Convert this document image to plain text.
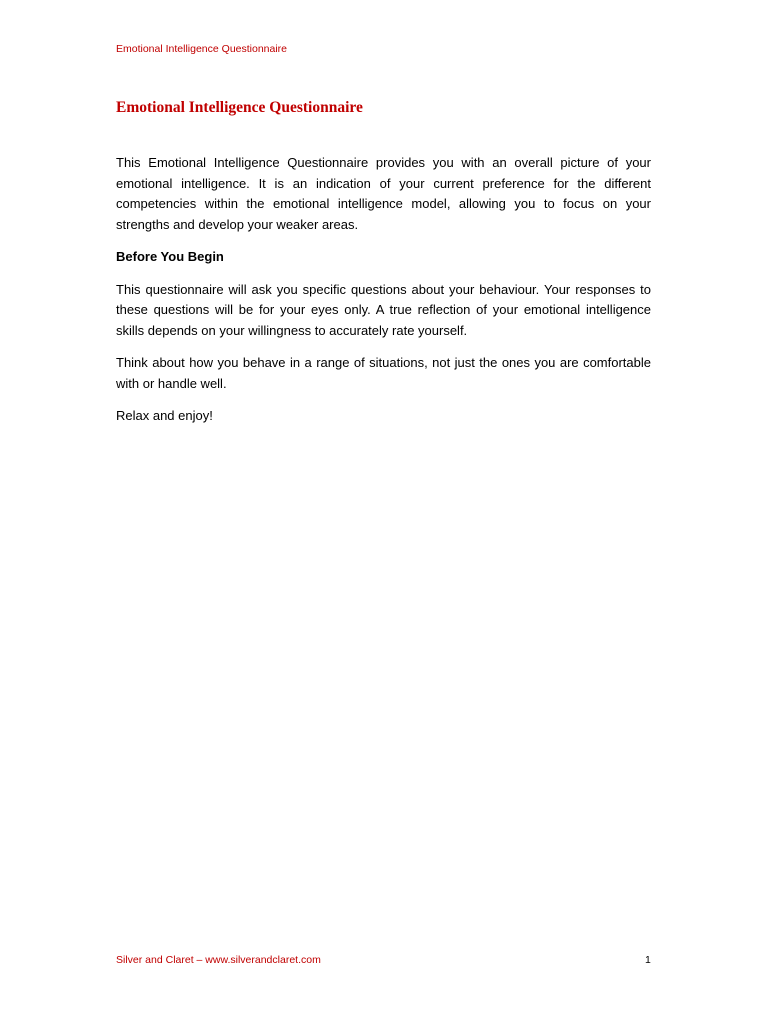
Emotional Intelligence Questionnaire
Emotional Intelligence Questionnaire

This Emotional Intelligence Questionnaire provides you with an overall picture of your emotional intelligence. It is an indication of your current preference for the different competencies within the emotional intelligence model, allowing you to focus on your strengths and develop your weaker areas.

Before You Begin

This questionnaire will ask you specific questions about your behaviour. Your responses to these questions will be for your eyes only. A true reflection of your emotional intelligence skills depends on your willingness to accurately rate yourself.

Think about how you behave in a range of situations, not just the ones you are comfortable with or handle well.

Relax and enjoy!

Silver and Claret – www.silverandclaret.com	1
